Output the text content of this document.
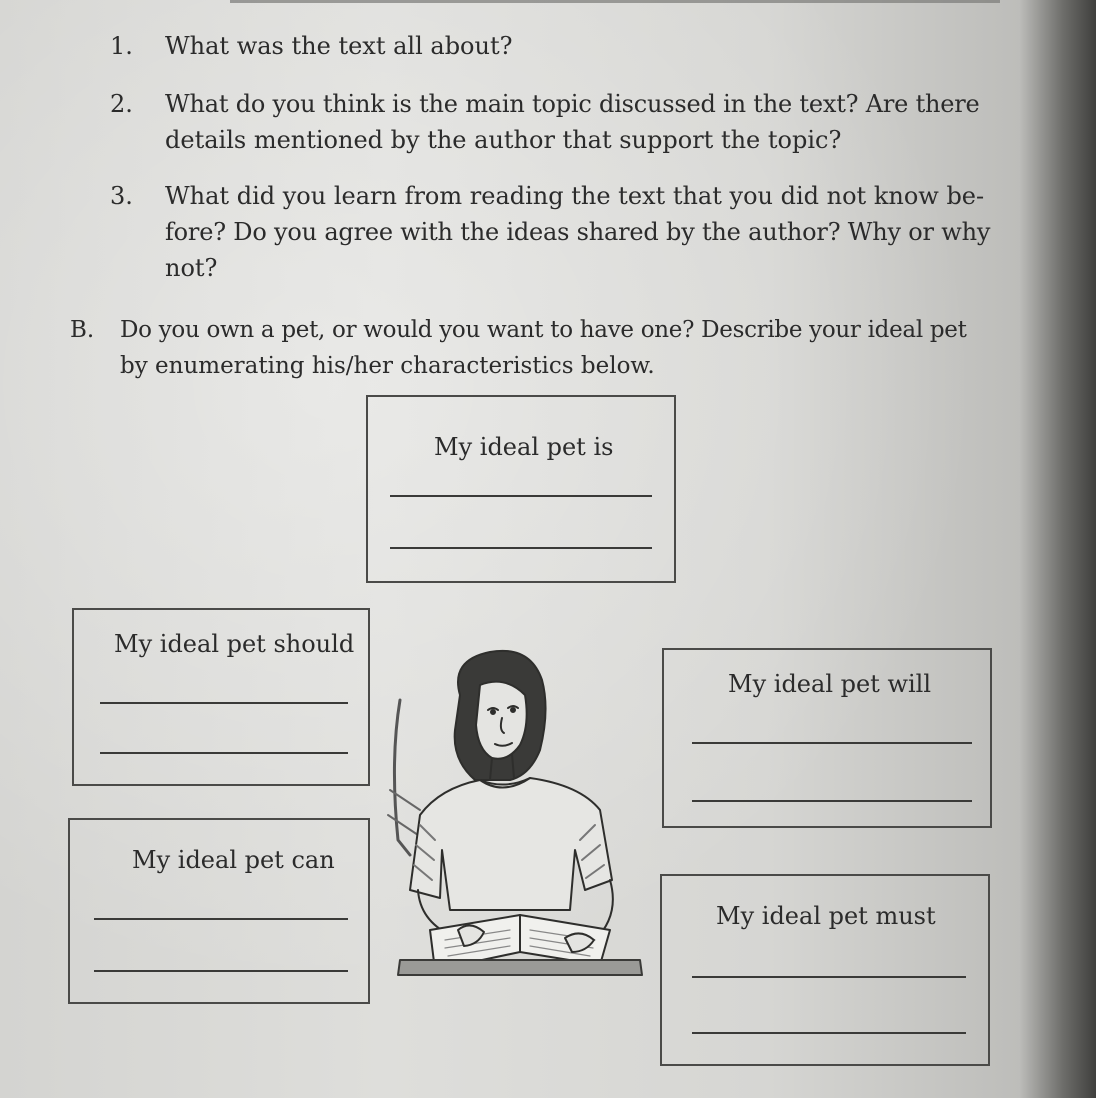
1. What was the text all about?
2. What do you think is the main topic discussed in the text? Are there
details mentioned by the author that support the topic?
3. What did you learn from reading the text that you did not know be-
fore? Do you agree with the ideas shared by the author? Why or why
not?
B. Do you own a pet, or would you want to have one? Describe your ideal pet
by enumerating his/her characteristics below.
My ideal pet is
My ideal pet should
My ideal pet will
My ideal pet can
My ideal pet must
